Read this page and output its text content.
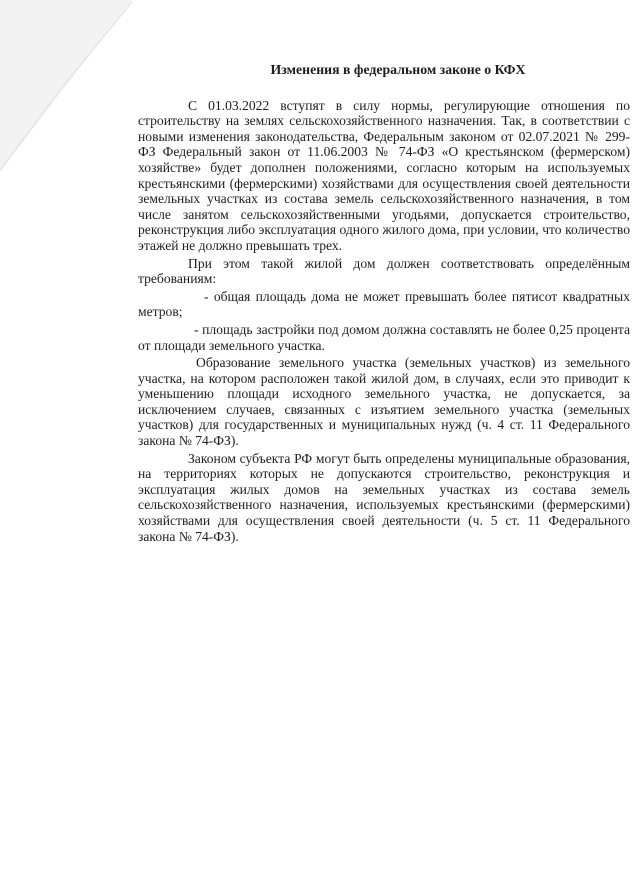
Изменения в федеральном законе о КФХ

С 01.03.2022 вступят в силу нормы, регулирующие отношения по строительству на землях сельскохозяйственного назначения. Так, в соответствии с новыми изменения законодательства, Федеральным законом от 02.07.2021 № 299-ФЗ Федеральный закон от 11.06.2003 № 74-ФЗ «О крестьянском (фермерском) хозяйстве» будет дополнен положениями, согласно которым на используемых крестьянскими (фермерскими) хозяйствами для осуществления своей деятельности земельных участках из состава земель сельскохозяйственного назначения, в том числе занятом сельскохозяйственными угодьями, допускается строительство, реконструкция либо эксплуатация одного жилого дома, при условии, что количество этажей не должно превышать трех.

При этом такой жилой дом должен соответствовать определённым требованиям:

- общая площадь дома не может превышать более пятисот квадратных метров;

- площадь застройки под домом должна составлять не более 0,25 процента от площади земельного участка.

Образование земельного участка (земельных участков) из земельного участка, на котором расположен такой жилой дом, в случаях, если это приводит к уменьшению площади исходного земельного участка, не допускается, за исключением случаев, связанных с изъятием земельного участка (земельных участков) для государственных и муниципальных нужд (ч. 4 ст. 11 Федерального закона № 74-ФЗ).

Законом субъекта РФ могут быть определены муниципальные образования, на территориях которых не допускаются строительство, реконструкция и эксплуатация жилых домов на земельных участках из состава земель сельскохозяйственного назначения, используемых крестьянскими (фермерскими) хозяйствами для осуществления своей деятельности (ч. 5 ст. 11 Федерального закона № 74-ФЗ).
